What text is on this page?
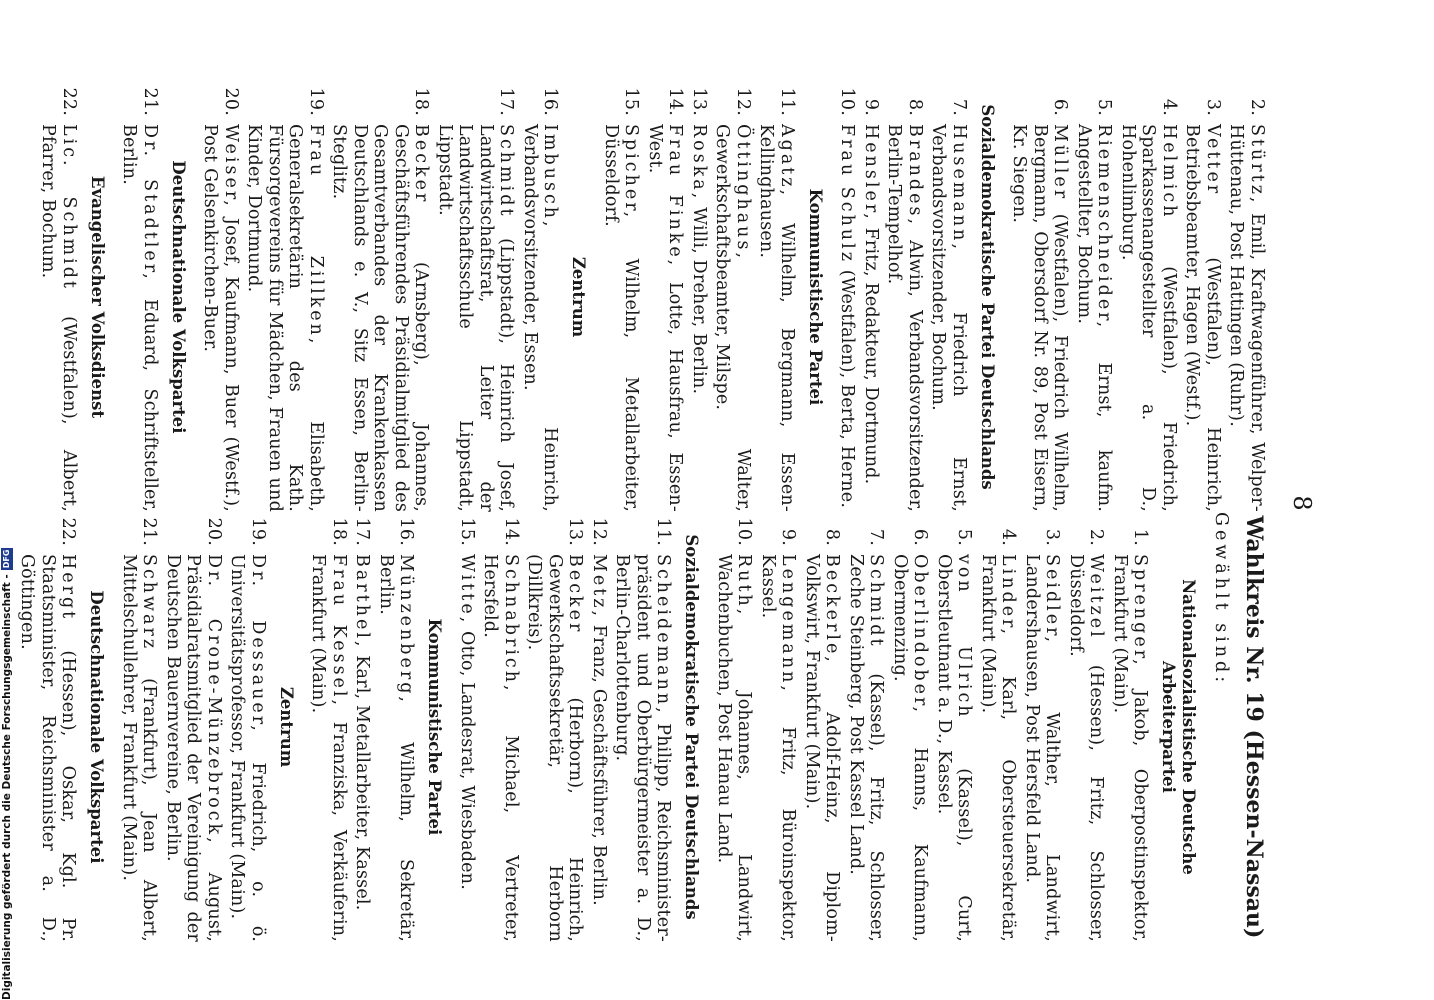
8
2.
Stürtz, Emil, Kraftwagenführer, Welper-Hüttenau, Post Hattingen (Ruhr).
3.
Vetter (Westfalen), Heinrich, Betriebsbeamter, Hagen (Westf.).
4.
Helmich (Westfalen), Friedrich, Sparkassenangestellter a. D., Hohenlimburg.
5.
Riemenschneider, Ernst, kaufm. Angestellter, Bochum.
6.
Müller (Westfalen), Friedrich Wilhelm, Bergmann, Obersdorf Nr. 89, Post Eisern, Kr. Siegen.
Sozialdemokratische Partei Deutschlands
7.
Husemann, Friedrich Ernst, Verbandsvorsitzender, Bochum.
8.
Brandes, Alwin, Verbandsvorsitzender, Berlin-Tempelhof.
9.
Hensler, Fritz, Redakteur, Dortmund.
10.
Frau Schulz (Westfalen), Berta, Herne.
Kommunistische Partei
11.
Agatz, Wilhelm, Bergmann, Essen-Kellinghausen.
12.
Öttinghaus, Walter, Gewerkschaftsbeamter, Milspe.
13.
Roska, Willi, Dreher, Berlin.
14.
Frau Finke, Lotte, Hausfrau, Essen-West.
15.
Spicher, Wilhelm, Metallarbeiter, Düsseldorf.
Zentrum
16.
Imbusch, Heinrich, Verbandsvorsitzender, Essen.
17.
Schmidt (Lippstadt), Heinrich Josef, Landwirtschaftsrat, Leiter der Landwirtschaftsschule Lippstadt, Lippstadt.
18.
Becker (Arnsberg), Johannes, Geschäftsführendes Präsidialmitglied des Gesamtverbandes der Krankenkassen Deutschlands e. V., Sitz Essen, Berlin-Steglitz.
19.
Frau Zillken, Elisabeth, Generalsekretärin des Kath. Fürsorgevereins für Mädchen, Frauen und Kinder, Dortmund.
20.
Weiser, Josef, Kaufmann, Buer (Westf.), Post Gelsenkirchen-Buer.
Deutschnationale Volkspartei
21.
Dr. Stadtler, Eduard, Schriftsteller, Berlin.
Evangelischer Volksdienst
22.
Lic. Schmidt (Westfalen), Albert, Pfarrer, Bochum.
Wahlkreis Nr. 19 (Hessen-Nassau)
Gewählt sind:
Nationalsozialistische Deutsche Arbeiterpartei
1.
Sprenger, Jakob, Oberpostinspektor, Frankfurt (Main).
2.
Weitzel (Hessen), Fritz, Schlosser, Düsseldorf.
3.
Seidler, Walther, Landwirt, Landershausen, Post Hersfeld Land.
4.
Linder, Karl, Obersteuersekretär, Frankfurt (Main).
5.
von Ulrich (Kassel), Curt, Oberstleutnant a. D., Kassel.
6.
Oberlindober, Hanns, Kaufmann, Obermenzing.
7.
Schmidt (Kassel), Fritz, Schlosser, Zeche Steinberg, Post Kassel Land.
8.
Beckerle, Adolf-Heinz, Diplom-Volkswirt, Frankfurt (Main).
9.
Lengemann, Fritz, Büroinspektor, Kassel.
10.
Ruth, Johannes, Landwirt, Wachenbuchen, Post Hanau Land.
Sozialdemokratische Partei Deutschlands
11.
Scheidemann, Philipp, Reichsminister-präsident und Oberbürgermeister a. D., Berlin-Charlottenburg.
12.
Metz, Franz, Geschäftsführer, Berlin.
13.
Becker (Herborn), Heinrich, Gewerkschaftssekretär, Herborn (Dillkreis).
14.
Schnabrich, Michael, Vertreter, Hersfeld.
15.
Witte, Otto, Landesrat, Wiesbaden.
Kommunistische Partei
16.
Münzenberg, Wilhelm, Sekretär, Berlin.
17.
Barthel, Karl, Metallarbeiter, Kassel.
18.
Frau Kessel, Franziska, Verkäuferin, Frankfurt (Main).
Zentrum
19.
Dr. Dessauer, Friedrich, o. ö. Universitätsprofessor, Frankfurt (Main).
20.
Dr. Crone-Münzebrock, August, Präsidialratsmitglied der Vereinigung der Deutschen Bauernvereine, Berlin.
21.
Schwarz (Frankfurt), Jean Albert, Mittelschullehrer, Frankfurt (Main).
Deutschnationale Volkspartei
22.
Hergt (Hessen), Oskar, Kgl. Pr. Staatsminister, Reichsminister a. D., Göttingen.
Digitalisierung gefördert durch die Deutsche Forschungsgemeinschaft -
DFG
